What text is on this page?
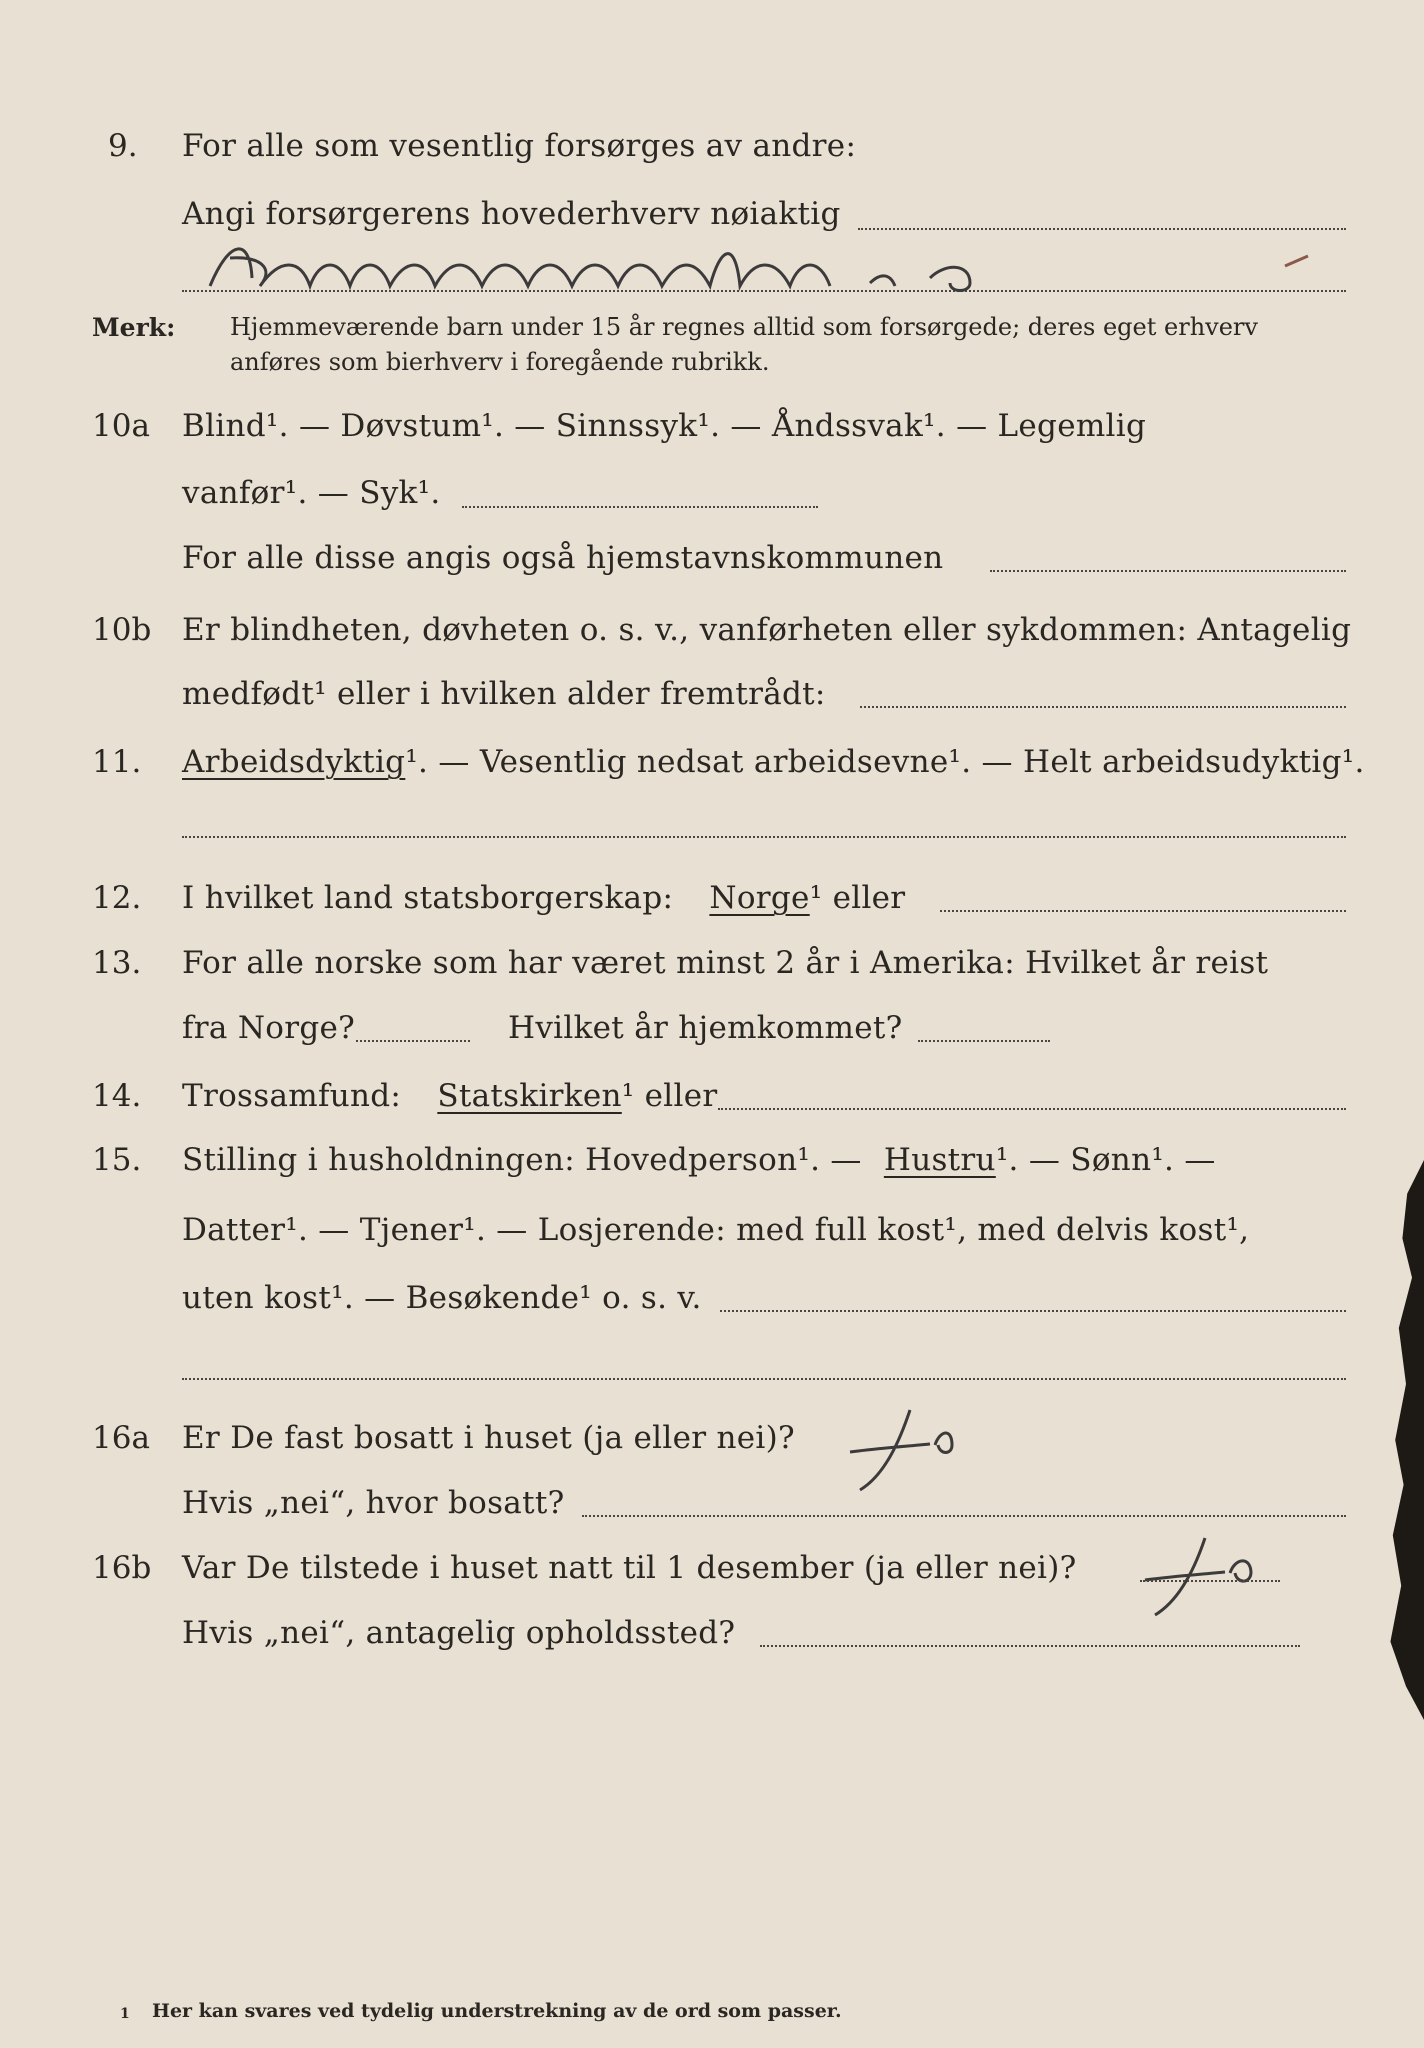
9. For alle som vesentlig forsørges av andre:
Angi forsørgerens hovederhverv nøiaktig
Merk: Hjemmeværende barn under 15 år regnes alltid som forsørgede; deres eget erhverv
anføres som bierhverv i foregående rubrikk.
10a Blind¹. — Døvstum¹. — Sinnssyk¹. — Åndssvak¹. — Legemlig
vanfør¹. — Syk¹.
For alle disse angis også hjemstavnskommunen
10b Er blindheten, døvheten o. s. v., vanførheten eller sykdommen: Antagelig
medfødt¹ eller i hvilken alder fremtrådt:
11. Arbeidsdyktig¹. — Vesentlig nedsat arbeidsevne¹. — Helt arbeidsudyktig¹.
12. I hvilket land statsborgerskap: Norge¹ eller
13. For alle norske som har været minst 2 år i Amerika: Hvilket år reist
fra Norge?	Hvilket år hjemkommet?
14. Trossamfund: Statskirken¹ eller
15. Stilling i husholdningen: Hovedperson¹. — Hustru¹. — Sønn¹. —
Datter¹. — Tjener¹. — Losjerende: med full kost¹, med delvis kost¹,
uten kost¹. — Besøkende¹ o. s. v.
16a Er De fast bosatt i huset (ja eller nei)?
Hvis „nei“, hvor bosatt?
16b Var De tilstede i huset natt til 1 desember (ja eller nei)?
Hvis „nei“, antagelig opholdssted?
1 Her kan svares ved tydelig understrekning av de ord som passer.
